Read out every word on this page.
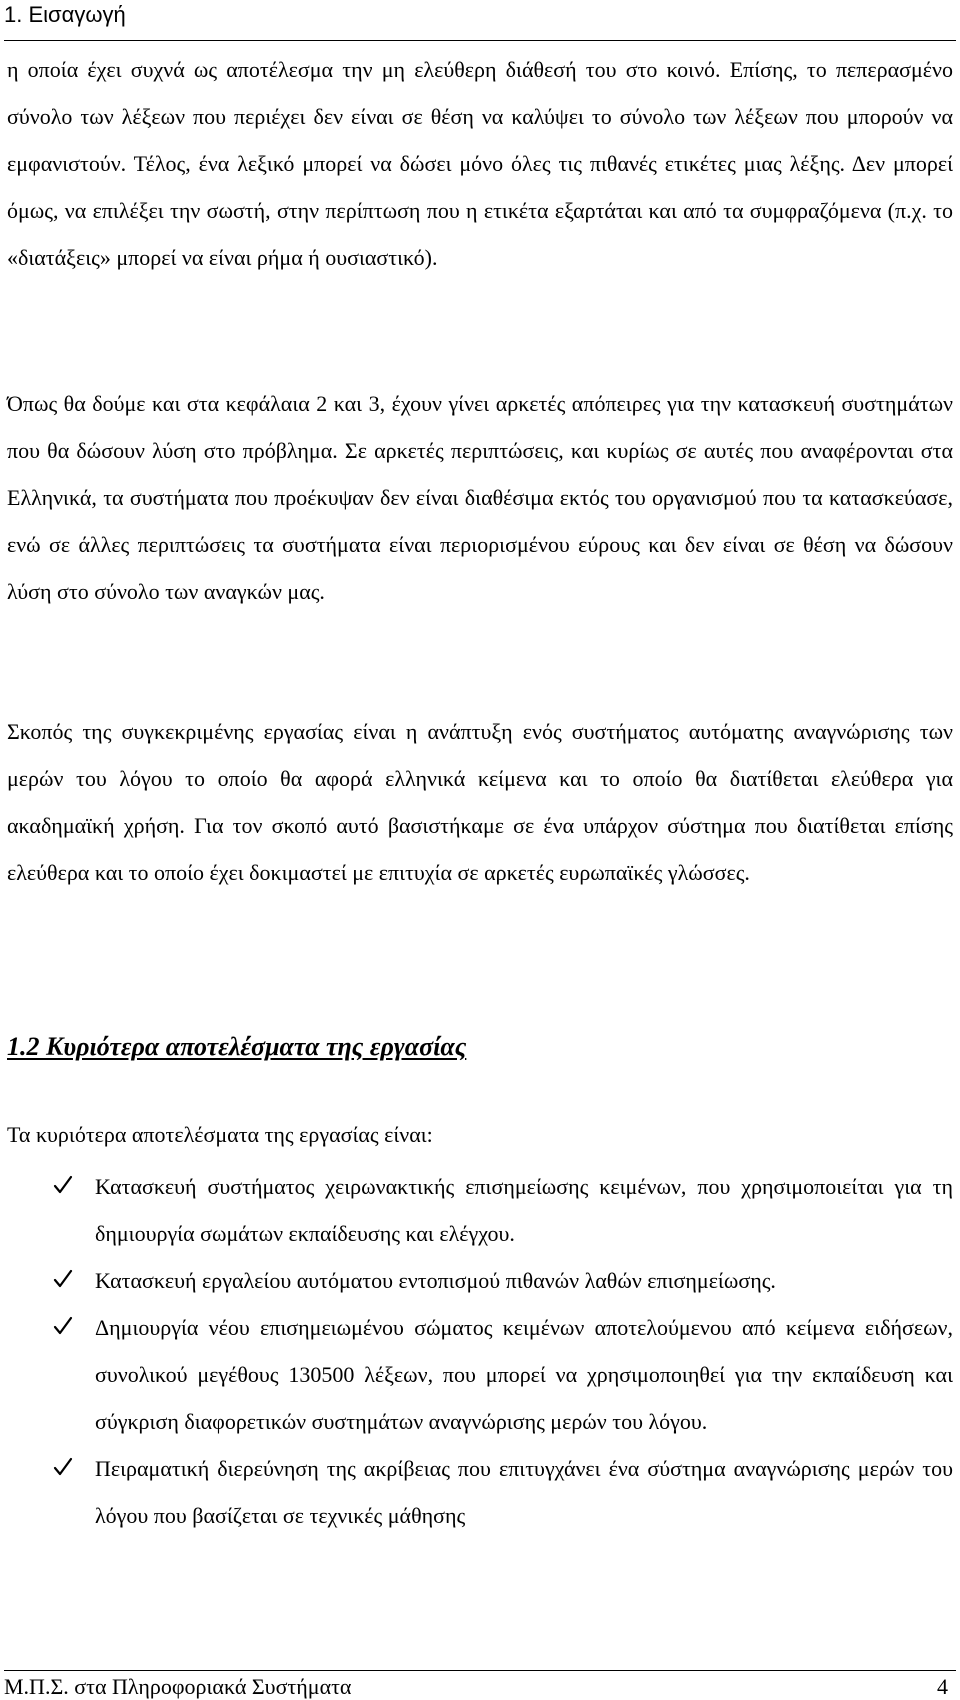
1. Εισαγωγή
η οποία έχει συχνά ως αποτέλεσμα την μη ελεύθερη διάθεσή του στο κοινό. Επίσης, το πεπερασμένο σύνολο των λέξεων που περιέχει δεν είναι σε θέση να καλύψει το σύνολο των λέξεων που μπορούν να εμφανιστούν. Τέλος, ένα λεξικό μπορεί να δώσει μόνο όλες τις πιθανές ετικέτες μιας λέξης. Δεν μπορεί όμως, να επιλέξει την σωστή, στην περίπτωση που η ετικέτα εξαρτάται και από τα συμφραζόμενα (π.χ. το «διατάξεις» μπορεί να είναι ρήμα ή ουσιαστικό).
Όπως θα δούμε και στα κεφάλαια 2 και 3, έχουν γίνει αρκετές απόπειρες για την κατασκευή συστημάτων που θα δώσουν λύση στο πρόβλημα. Σε αρκετές περιπτώσεις, και κυρίως σε αυτές που αναφέρονται στα Ελληνικά, τα συστήματα που προέκυψαν δεν είναι διαθέσιμα εκτός του οργανισμού που τα κατασκεύασε, ενώ σε άλλες περιπτώσεις τα συστήματα είναι περιορισμένου εύρους και δεν είναι σε θέση να δώσουν λύση στο σύνολο των αναγκών μας.
Σκοπός της συγκεκριμένης εργασίας είναι η ανάπτυξη ενός συστήματος αυτόματης αναγνώρισης των μερών του λόγου το οποίο θα αφορά ελληνικά κείμενα και το οποίο θα διατίθεται ελεύθερα για ακαδημαϊκή χρήση. Για τον σκοπό αυτό βασιστήκαμε σε ένα υπάρχον σύστημα που διατίθεται επίσης ελεύθερα και το οποίο έχει δοκιμαστεί με επιτυχία σε αρκετές ευρωπαϊκές γλώσσες.
1.2 Κυριότερα αποτελέσματα της εργασίας
Τα κυριότερα αποτελέσματα της εργασίας είναι:
Κατασκευή συστήματος χειρωνακτικής επισημείωσης κειμένων, που χρησιμοποιείται για τη δημιουργία σωμάτων εκπαίδευσης και ελέγχου.
Κατασκευή εργαλείου αυτόματου εντοπισμού πιθανών λαθών επισημείωσης.
Δημιουργία νέου επισημειωμένου σώματος κειμένων αποτελούμενου από κείμενα ειδήσεων, συνολικού μεγέθους 130500 λέξεων, που μπορεί να χρησιμοποιηθεί για την εκπαίδευση και σύγκριση διαφορετικών συστημάτων αναγνώρισης μερών του λόγου.
Πειραματική διερεύνηση της ακρίβειας που επιτυγχάνει ένα σύστημα αναγνώρισης μερών του λόγου που βασίζεται σε τεχνικές μάθησης
Μ.Π.Σ. στα Πληροφοριακά Συστήματα	4
